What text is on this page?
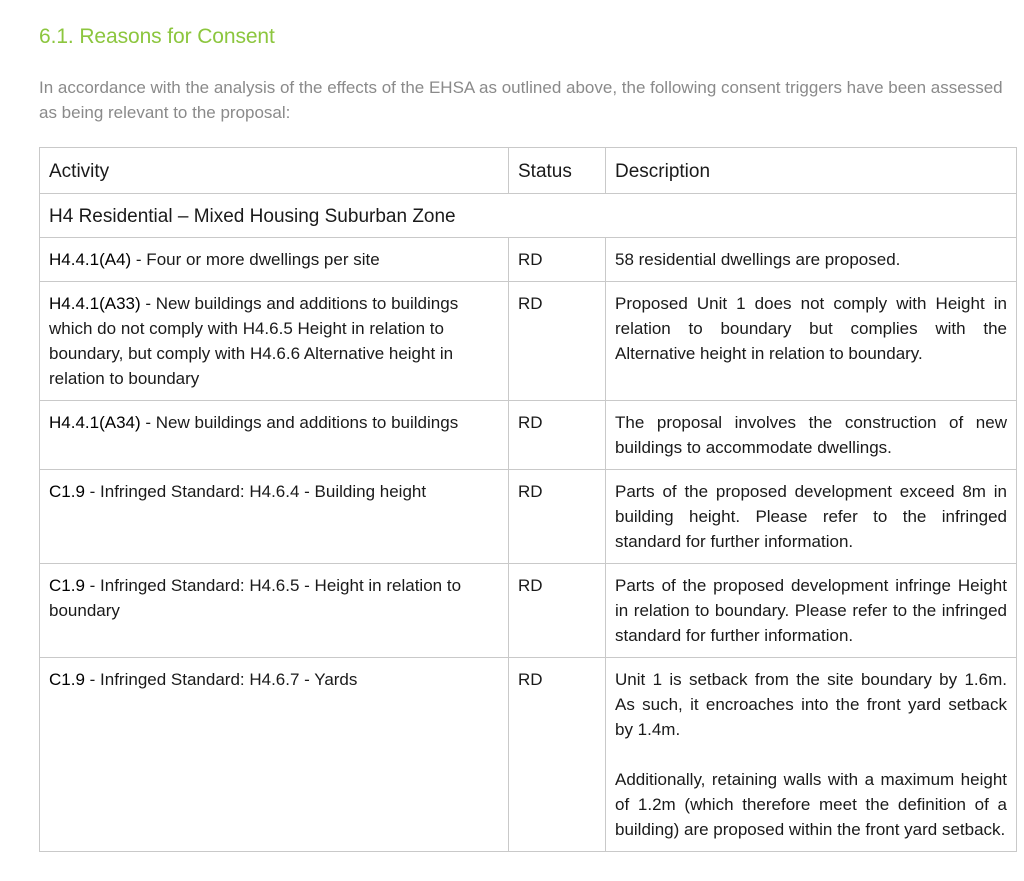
6.1. Reasons for Consent
In accordance with the analysis of the effects of the EHSA as outlined above, the following consent triggers have been assessed as being relevant to the proposal:
Activity	Status	Description
H4 Residential – Mixed Housing Suburban Zone		
H4.4.1(A4) - Four or more dwellings per site	RD	58 residential dwellings are proposed.

H4.4.1(A33) - New buildings and additions to buildings which do not comply with H4.6.5 Height in relation to boundary, but comply with H4.6.6 Alternative height in relation to boundary	RD	Proposed Unit 1 does not comply with Height in relation to boundary but complies with the Alternative height in relation to boundary.

H4.4.1(A34) - New buildings and additions to buildings	RD	The proposal involves the construction of new buildings to accommodate dwellings.

C1.9 - Infringed Standard: H4.6.4 - Building height	RD	Parts of the proposed development exceed 8m in building height. Please refer to the infringed standard for further information.

C1.9 - Infringed Standard: H4.6.5 - Height in relation to boundary	RD	Parts of the proposed development infringe Height in relation to boundary. Please refer to the infringed standard for further information.

C1.9 - Infringed Standard: H4.6.7 - Yards	RD	Unit 1 is setback from the site boundary by 1.6m. As such, it encroaches into the front yard setback by 1.4m.
Additionally, retaining walls with a maximum height of 1.2m (which therefore meet the definition of a building) are proposed within the front yard setback.
